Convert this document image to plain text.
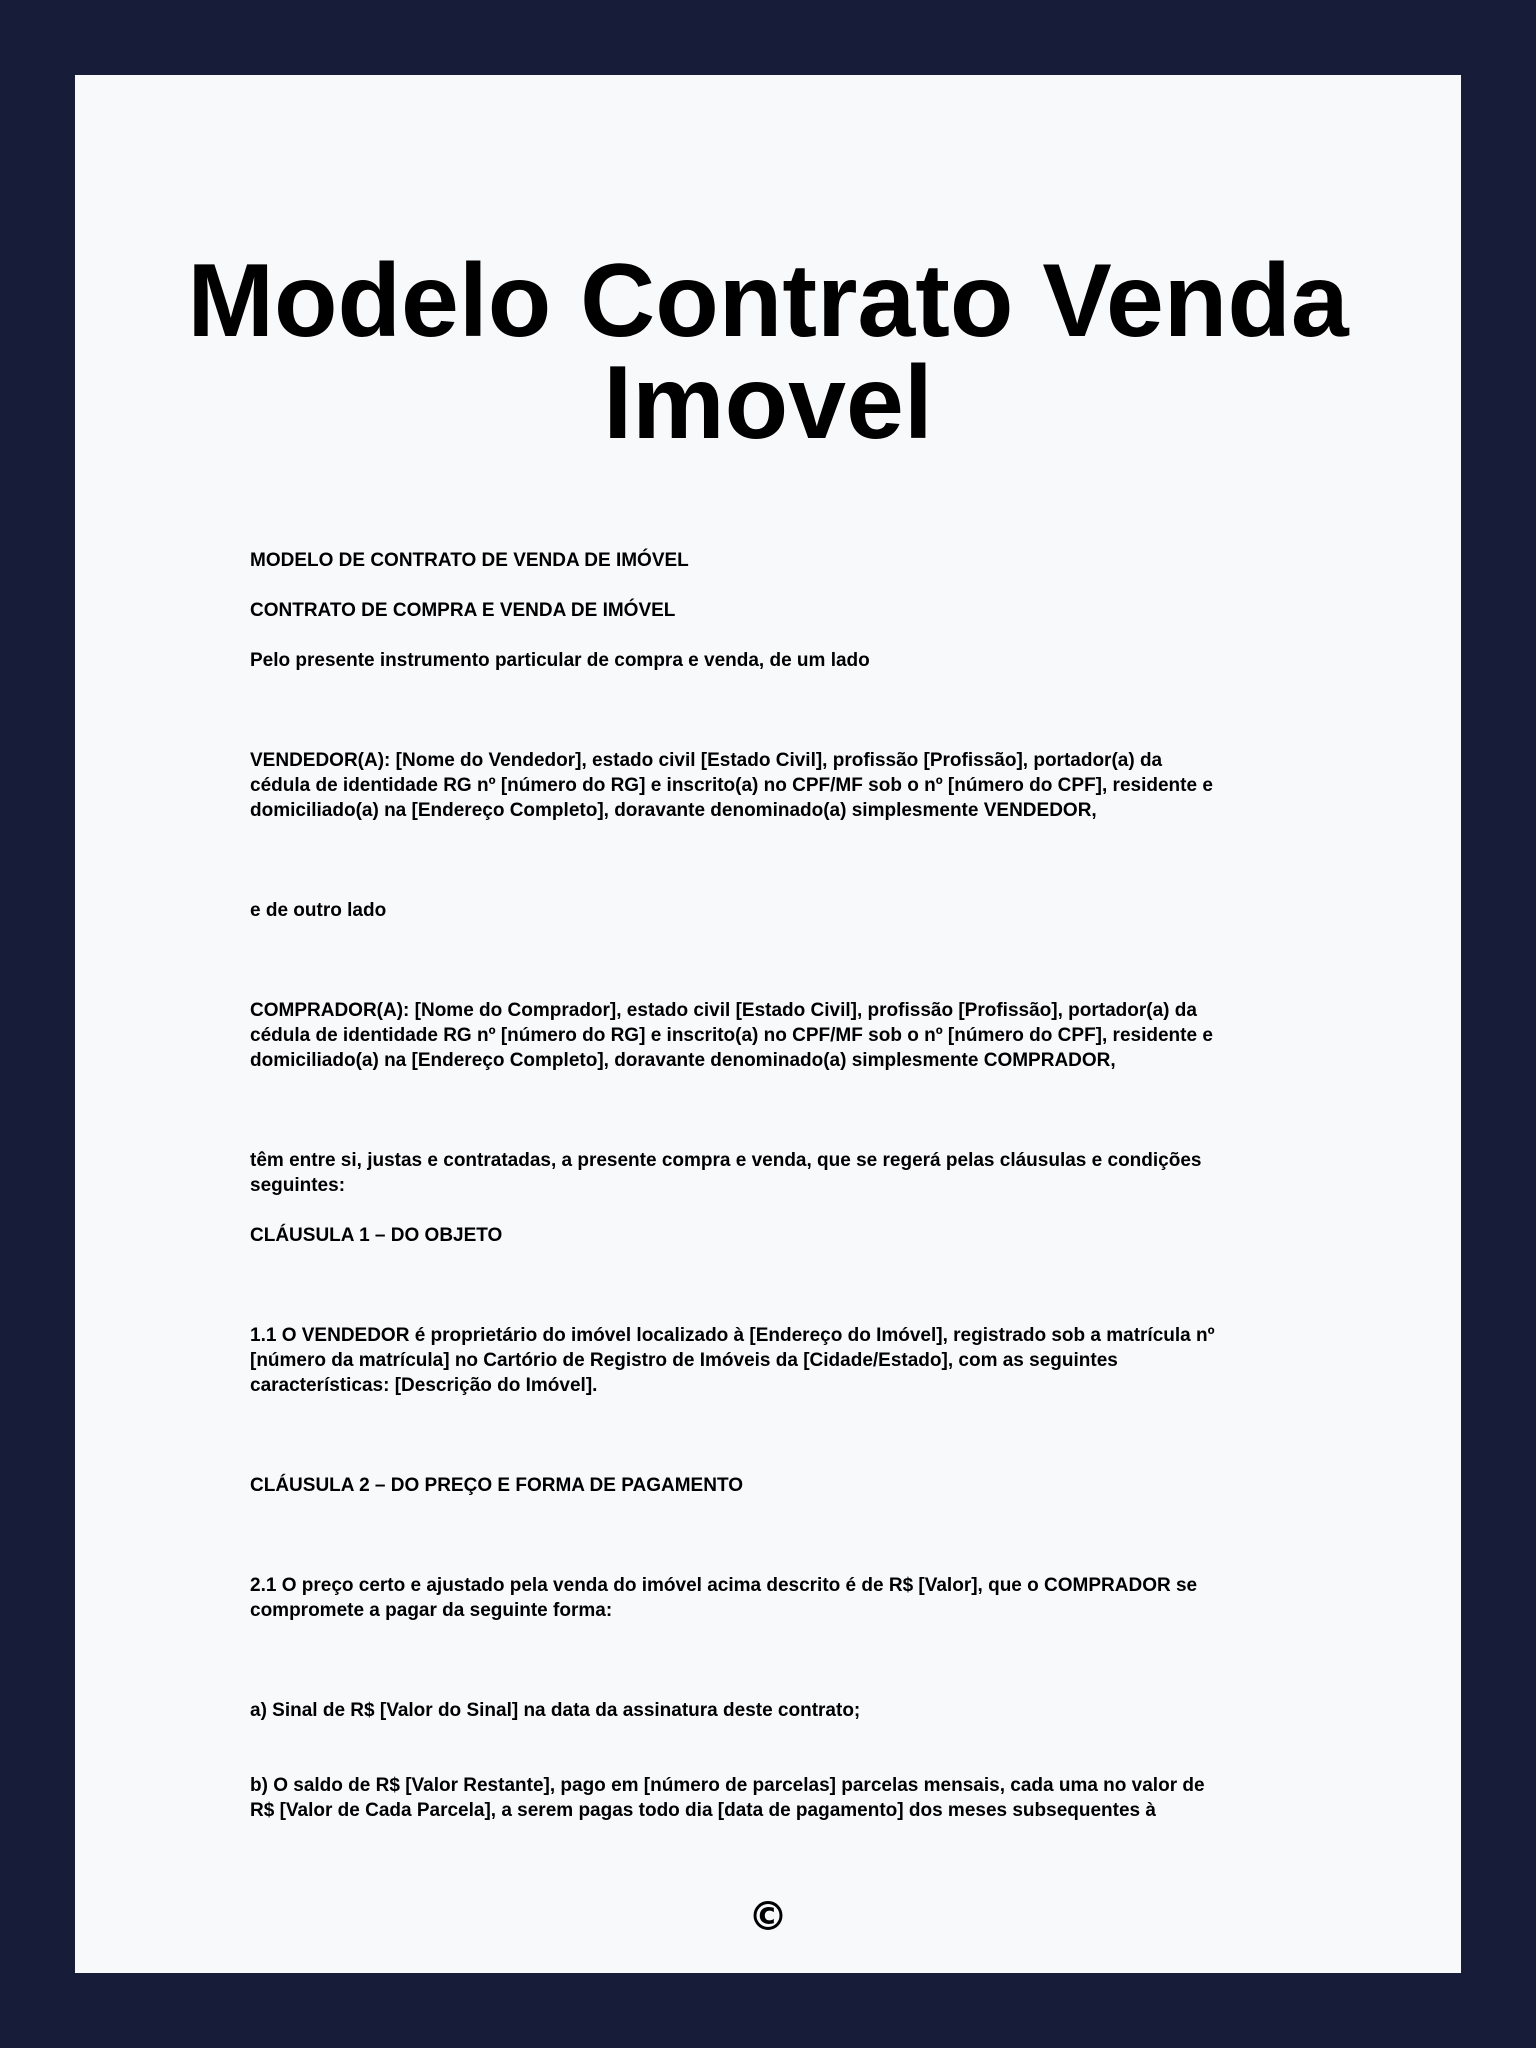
Modelo Contrato Venda Imovel

MODELO DE CONTRATO DE VENDA DE IMÓVEL

CONTRATO DE COMPRA E VENDA DE IMÓVEL

Pelo presente instrumento particular de compra e venda, de um lado

VENDEDOR(A): [Nome do Vendedor], estado civil [Estado Civil], profissão [Profissão], portador(a) da
cédula de identidade RG nº [número do RG] e inscrito(a) no CPF/MF sob o nº [número do CPF], residente e
domiciliado(a) na [Endereço Completo], doravante denominado(a) simplesmente VENDEDOR,

e de outro lado

COMPRADOR(A): [Nome do Comprador], estado civil [Estado Civil], profissão [Profissão], portador(a) da
cédula de identidade RG nº [número do RG] e inscrito(a) no CPF/MF sob o nº [número do CPF], residente e
domiciliado(a) na [Endereço Completo], doravante denominado(a) simplesmente COMPRADOR,

têm entre si, justas e contratadas, a presente compra e venda, que se regerá pelas cláusulas e condições
seguintes:

CLÁUSULA 1 – DO OBJETO

1.1 O VENDEDOR é proprietário do imóvel localizado à [Endereço do Imóvel], registrado sob a matrícula nº
[número da matrícula] no Cartório de Registro de Imóveis da [Cidade/Estado], com as seguintes
características: [Descrição do Imóvel].

CLÁUSULA 2 – DO PREÇO E FORMA DE PAGAMENTO

2.1 O preço certo e ajustado pela venda do imóvel acima descrito é de R$ [Valor], que o COMPRADOR se
compromete a pagar da seguinte forma:

a) Sinal de R$ [Valor do Sinal] na data da assinatura deste contrato;

b) O saldo de R$ [Valor Restante], pago em [número de parcelas] parcelas mensais, cada uma no valor de
R$ [Valor de Cada Parcela], a serem pagas todo dia [data de pagamento] dos meses subsequentes à

©
